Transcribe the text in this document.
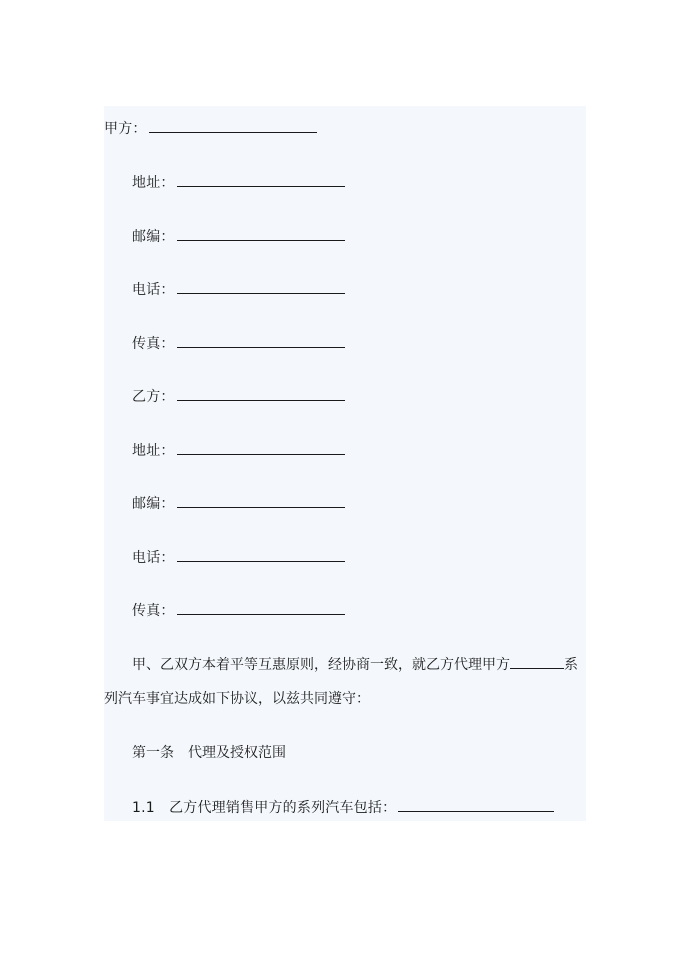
甲方：
地址：
邮编：
电话：
传真：
乙方：
地址：
邮编：
电话：
传真：
甲、乙双方本着平等互惠原则，经协商一致，就乙方代理甲方	系
列汽车事宜达成如下协议，以兹共同遵守：
第一条　代理及授权范围
1.1　乙方代理销售甲方的系列汽车包括：
